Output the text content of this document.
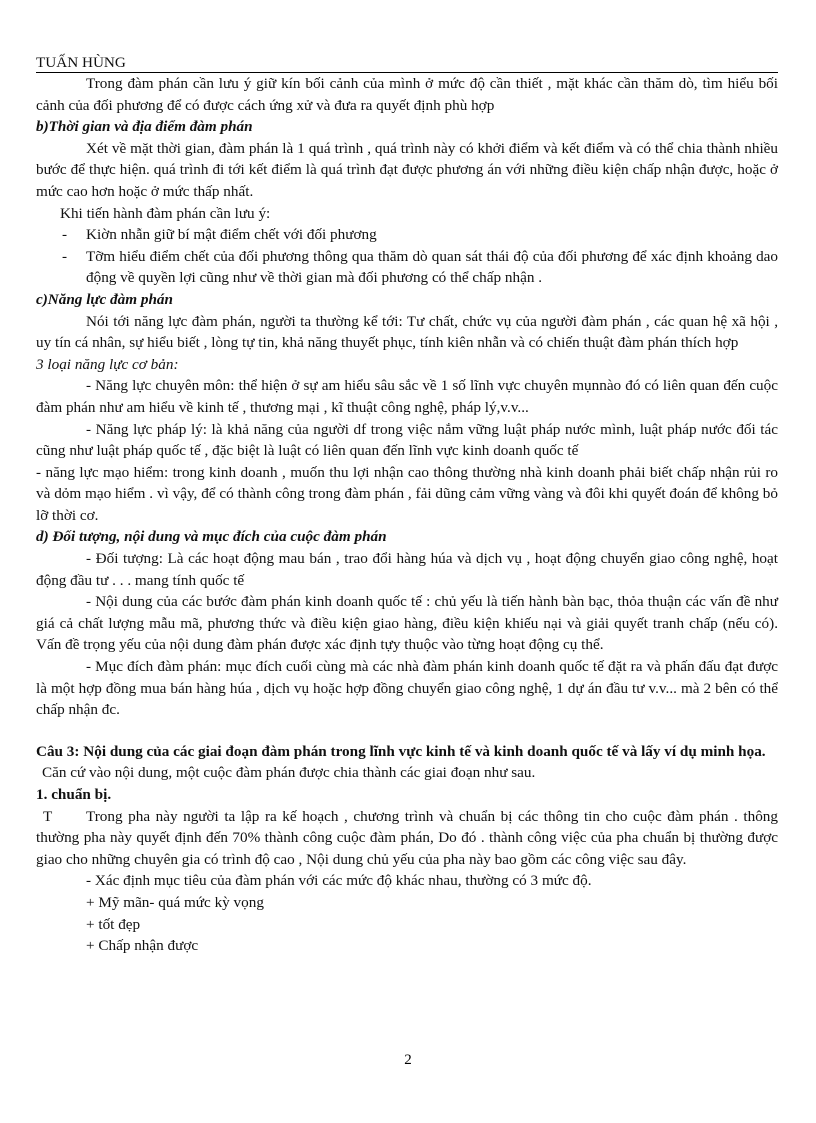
TUẤN HÙNG

Trong đàm phán cần lưu ý giữ kín bối cảnh của mình ở mức độ cần thiết , mặt khác cần thăm dò, tìm hiểu bối cảnh của đối phương để có được cách ứng xử và đưa ra quyết định phù hợp

b)Thời gian và địa điểm đàm phán

Xét về mặt thời gian, đàm phán là 1 quá trình , quá trình này có khởi điểm và kết điểm và có thể chia thành nhiều bước để thực hiện. quá trình đi tới kết điểm là quá trình đạt được phương án với những điều kiện chấp nhận được, hoặc ở mức cao hơn hoặc ở mức thấp nhất.

Khi tiến hành đàm phán cần lưu ý:

- Kiờn nhẫn giữ bí mật điểm chết với đối phương
- Tỡm hiểu điểm chết của đối phương thông qua thăm dò quan sát thái độ của đối phương để xác định khoảng dao động về quyền lợi cũng như về thời gian mà đối phương có thể chấp nhận .

c)Năng lực đàm phán

Nói tới năng lực đàm phán, người ta thường kể tới: Tư chất, chức vụ của người đàm phán , các quan hệ xã hội , uy tín cá nhân, sự hiểu biết , lòng tự tin, khả năng thuyết phục, tính kiên nhẫn và có chiến thuật đàm phán thích hợp

3 loại năng lực cơ bản:

- Năng lực chuyên môn: thể hiện ở sự am hiểu sâu sắc về 1 số lĩnh vực chuyên mụnnào đó có liên quan đến cuộc đàm phán như am hiểu về kinh tế , thương mại , kĩ thuật công nghệ, pháp lý,v.v...

- Năng lực pháp lý: là khả năng của người df trong việc nắm vững luật pháp nước mình, luật pháp nước đối tác cũng như luật pháp quốc tế , đặc biệt là luật có liên quan đến lĩnh vực kinh doanh quốc tế

- năng lực mạo hiểm: trong kinh doanh , muốn thu lợi nhận cao thông thường nhà kinh doanh phải biết chấp nhận rủi ro và dỏm mạo hiểm . vì vậy, để có thành công trong đàm phán , fải dũng cảm vững vàng và đôi khi quyết đoán để không bỏ lỡ thời cơ.

d) Đối tượng, nội dung và mục đích của cuộc đàm phán

- Đối tượng: Là các hoạt động mau bán , trao đổi hàng húa và dịch vụ , hoạt động chuyển giao công nghệ, hoạt động đầu tư . . . mang tính quốc tế

- Nội dung của các bước đàm phán kinh doanh quốc tế : chủ yếu là tiến hành bàn bạc, thỏa thuận các vấn đề như giá cả chất lượng mẫu mã, phương thức và điều kiện giao hàng, điều kiện khiếu nại và giải quyết tranh chấp (nếu có). Vấn đề trọng yếu của nội dung đàm phán được xác định tựy thuộc vào từng hoạt động cụ thể.

- Mục đích đàm phán: mục đích cuối cùng mà các nhà đàm phán kinh doanh quốc tế đặt ra và phấn đấu đạt được là một hợp đồng mua bán hàng húa , dịch vụ hoặc hợp đồng chuyển giao công nghệ, 1 dự án đầu tư v.v... mà 2 bên có thể chấp nhận đc.

Câu 3: Nội dung của các giai đoạn đàm phán trong lĩnh vực kinh tế và kinh doanh quốc tế và lấy ví dụ minh họa.

Căn cứ vào nội dung, một cuộc đàm phán được chia thành các giai đoạn như sau.

1. chuẩn bị.

T	Trong pha này người ta lập ra kế hoạch , chương trình và chuẩn bị các thông tin cho cuộc đàm phán . thông thường pha này quyết định đến 70% thành công cuộc đàm phán, Do đó . thành công việc của pha chuẩn bị thường được giao cho những chuyên gia có trình độ cao , Nội dung chủ yếu của pha này bao gồm các công việc sau đây.

- Xác định mục tiêu của đàm phán với các mức độ khác nhau, thường có 3 mức độ.

+ Mỹ mãn- quá mức kỳ vọng

+ tốt đẹp

+ Chấp nhận được

2
